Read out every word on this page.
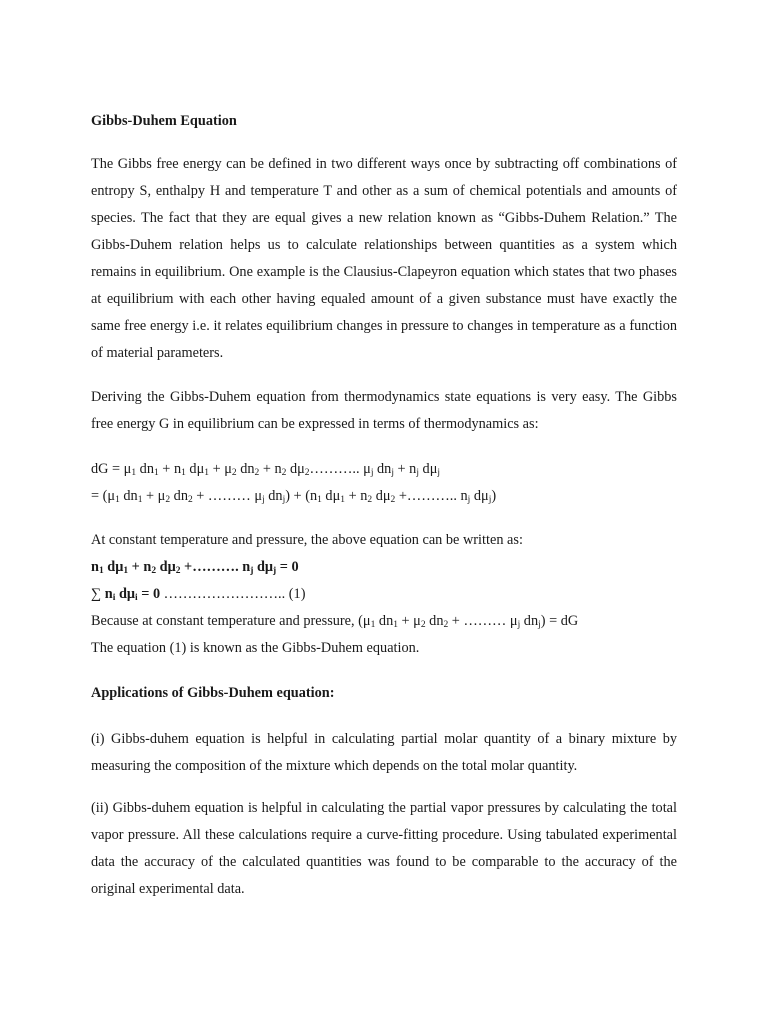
Gibbs-Duhem Equation

The Gibbs free energy can be defined in two different ways once by subtracting off combinations of entropy S, enthalpy H and temperature T and other as a sum of chemical potentials and amounts of species. The fact that they are equal gives a new relation known as “Gibbs-Duhem Relation.” The Gibbs-Duhem relation helps us to calculate relationships between quantities as a system which remains in equilibrium. One example is the Clausius-Clapeyron equation which states that two phases at equilibrium with each other having equaled amount of a given substance must have exactly the same free energy i.e. it relates equilibrium changes in pressure to changes in temperature as a function of material parameters.

Deriving the Gibbs-Duhem equation from thermodynamics state equations is very easy. The Gibbs free energy G in equilibrium can be expressed in terms of thermodynamics as:

dG = $\mu_1$ $dn_1 + n_1$ $d\mu_1 + \mu_2$ $dn_2 + n_2$ $d\mu_2\dots\dots\dots$.. $\mu_j$ $dn_j + n_j$ $d\mu_j$
= ($\mu_1$ $dn_1 + \mu_2$ $dn_2$ + ……… $\mu_j$ $dn_j) + (n_1$ $d\mu_1 + n_2$ $d\mu_2$ +……….. $n_j$ $d\mu_j$)
At constant temperature and pressure, the above equation can be written as:
$n_1$ $d\mu_1 + n_2$ $d\mu_2$ +………. $n_j$ $d\mu_j = 0$
∑ $n_i$ $d\mu_i = 0$ …………………….. (1)
Because at constant temperature and pressure, ($\mu_1$ $dn_1 + \mu_2$ $dn_2$ + ……… $\mu_j$ $dn_j$) = dG
The equation (1) is known as the Gibbs-Duhem equation.
Applications of Gibbs-Duhem equation:

(i) Gibbs-duhem equation is helpful in calculating partial molar quantity of a binary mixture by measuring the composition of the mixture which depends on the total molar quantity.

(ii) Gibbs-duhem equation is helpful in calculating the partial vapor pressures by calculating the total vapor pressure. All these calculations require a curve-fitting procedure. Using tabulated experimental data the accuracy of the calculated quantities was found to be comparable to the accuracy of the original experimental data.
